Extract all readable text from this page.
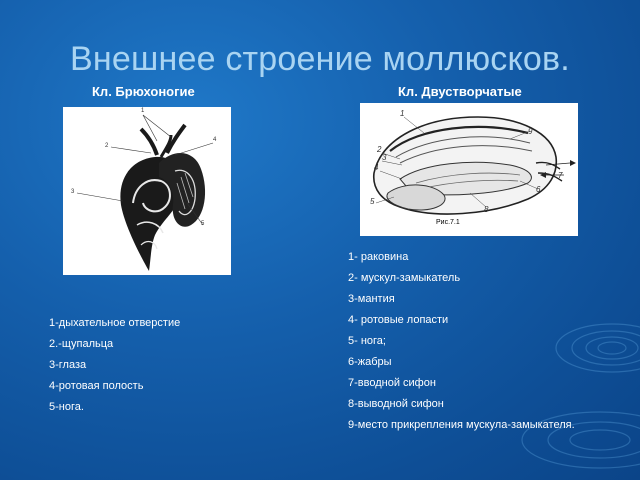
Внешнее строение моллюсков.
Кл. Брюхоногие	Кл. Двустворчатые
1
2
3
4
5
1
2
3
4
5
6
7
8
9
Рис.7.1
1-дыхательное отверстие
2.-щупальца
3-глаза
4-ротовая полость
5-нога.
1- раковина
2- мускул-замыкатель
3-мантия
4- ротовые лопасти
5- нога;
6-жабры
7-вводной сифон
8-выводной сифон
9-место прикрепления мускула-замыкателя.
